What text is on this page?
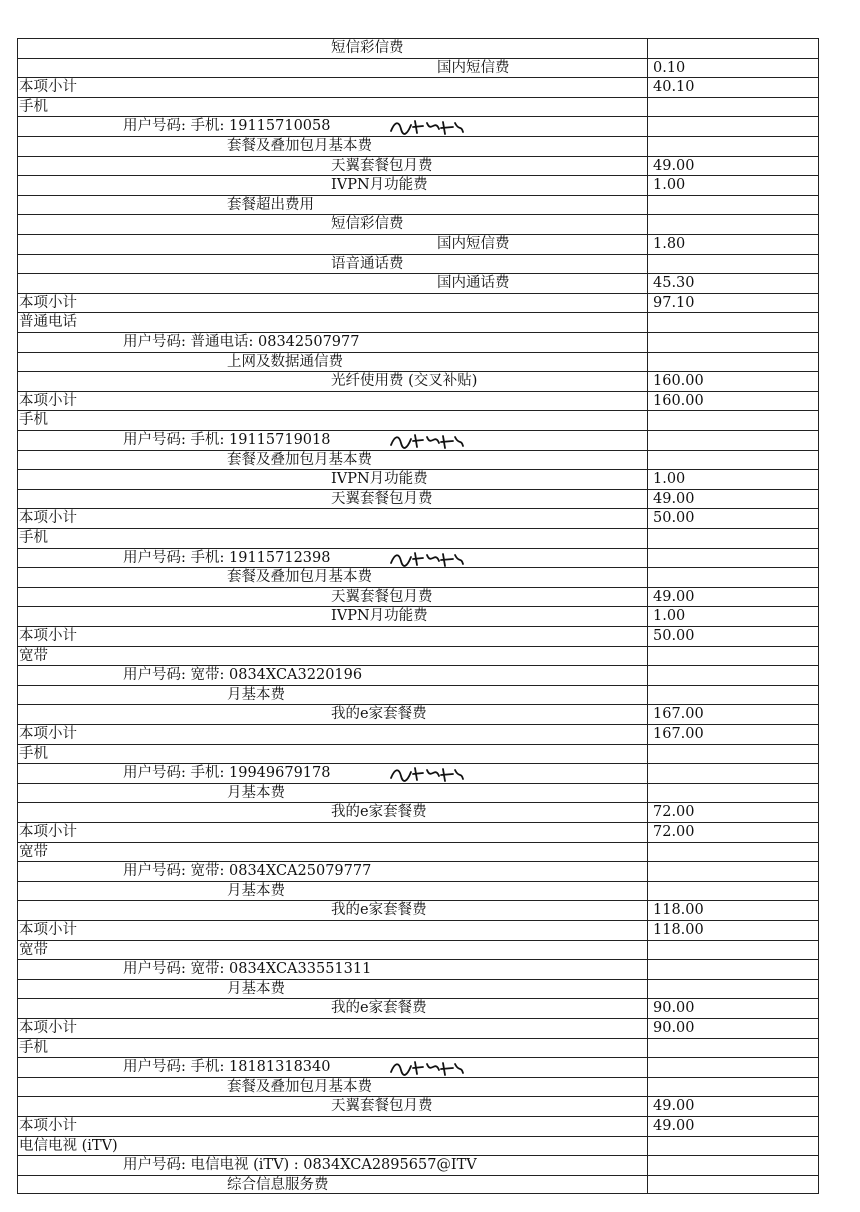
短信彩信费
国内短信费	0.10
本项小计	40.10
手机
用户号码: 手机: 19115710058
套餐及叠加包月基本费
天翼套餐包月费	49.00
IVPN月功能费	1.00
套餐超出费用
短信彩信费
国内短信费	1.80
语音通话费
国内通话费	45.30
本项小计	97.10
普通电话
用户号码: 普通电话: 08342507977
上网及数据通信费
光纤使用费 (交叉补贴)	160.00
本项小计	160.00
手机
用户号码: 手机: 19115719018
套餐及叠加包月基本费
IVPN月功能费	1.00
天翼套餐包月费	49.00
本项小计	50.00
手机
用户号码: 手机: 19115712398
套餐及叠加包月基本费
天翼套餐包月费	49.00
IVPN月功能费	1.00
本项小计	50.00
宽带
用户号码: 宽带: 0834XCA3220196
月基本费
我的e家套餐费	167.00
本项小计	167.00
手机
用户号码: 手机: 19949679178
月基本费
我的e家套餐费	72.00
本项小计	72.00
宽带
用户号码: 宽带: 0834XCA25079777
月基本费
我的e家套餐费	118.00
本项小计	118.00
宽带
用户号码: 宽带: 0834XCA33551311
月基本费
我的e家套餐费	90.00
本项小计	90.00
手机
用户号码: 手机: 18181318340
套餐及叠加包月基本费
天翼套餐包月费	49.00
本项小计	49.00
电信电视 (iTV)
用户号码: 电信电视 (iTV) : 0834XCA2895657@ITV
综合信息服务费
